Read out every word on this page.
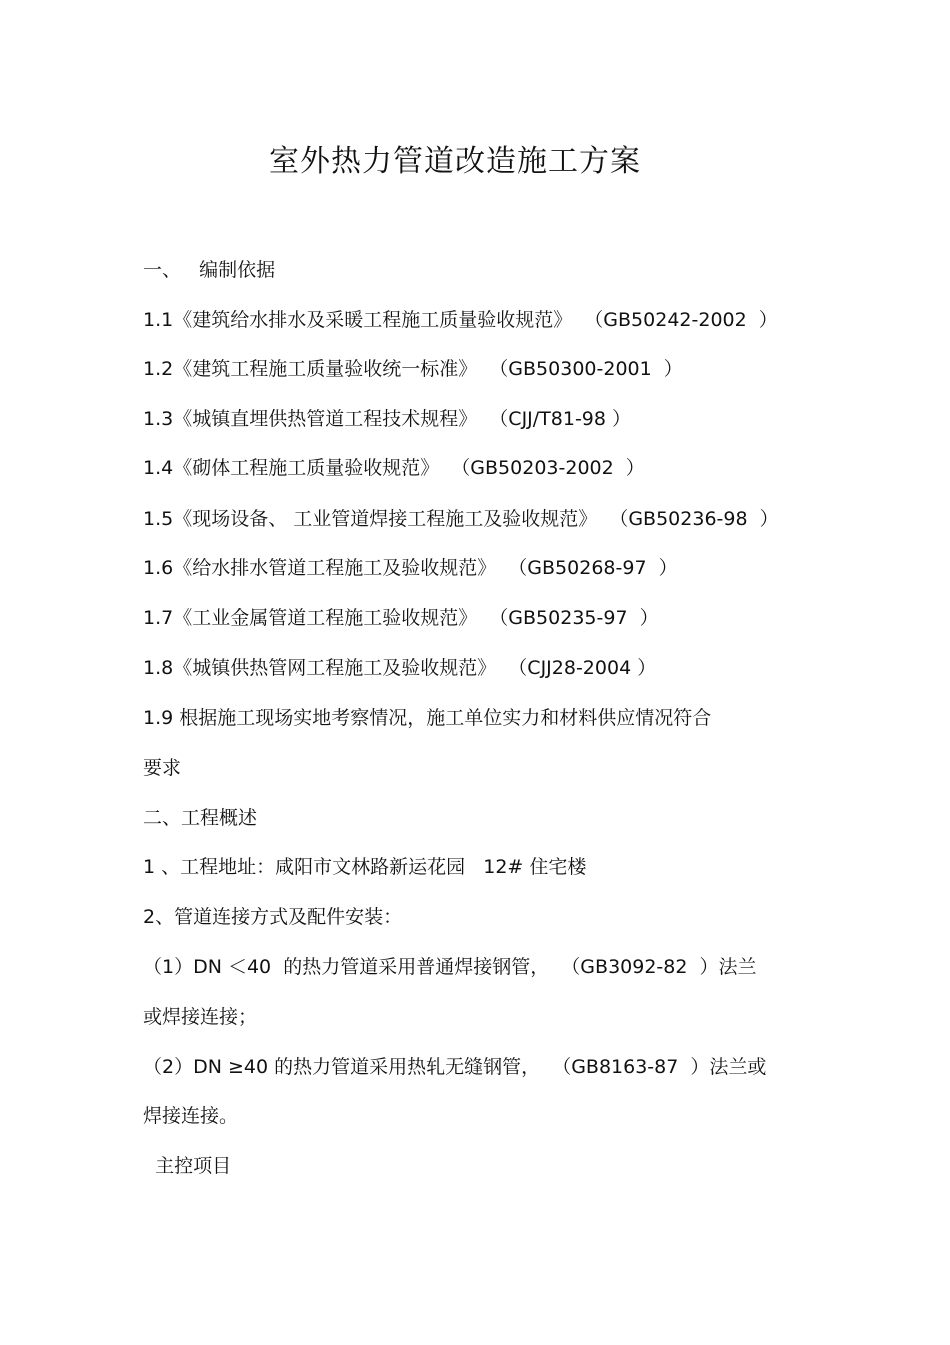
室外热力管道改造施工方案
一、   编制依据
1.1《建筑给水排水及采暖工程施工质量验收规范》  （GB50242-2002  ）
1.2《建筑工程施工质量验收统一标准》  （GB50300-2001  ）
1.3《城镇直埋供热管道工程技术规程》  （CJJ/T81-98 ）
1.4《砌体工程施工质量验收规范》  （GB50203-2002  ）
1.5《现场设备、 工业管道焊接工程施工及验收规范》  （GB50236-98  ）
1.6《给水排水管道工程施工及验收规范》  （GB50268-97  ）
1.7《工业金属管道工程施工验收规范》  （GB50235-97  ）
1.8《城镇供热管网工程施工及验收规范》  （CJJ28-2004 ）
1.9 根据施工现场实地考察情况，施工单位实力和材料供应情况符合
要求
二、工程概述
1 、工程地址：咸阳市文林路新运花园   12# 住宅楼
2、管道连接方式及配件安装：
（1）DN ＜40  的热力管道采用普通焊接钢管，  （GB3092-82  ）法兰
或焊接连接；
（2）DN ≥40 的热力管道采用热轧无缝钢管，  （GB8163-87  ）法兰或
焊接连接。
主控项目
